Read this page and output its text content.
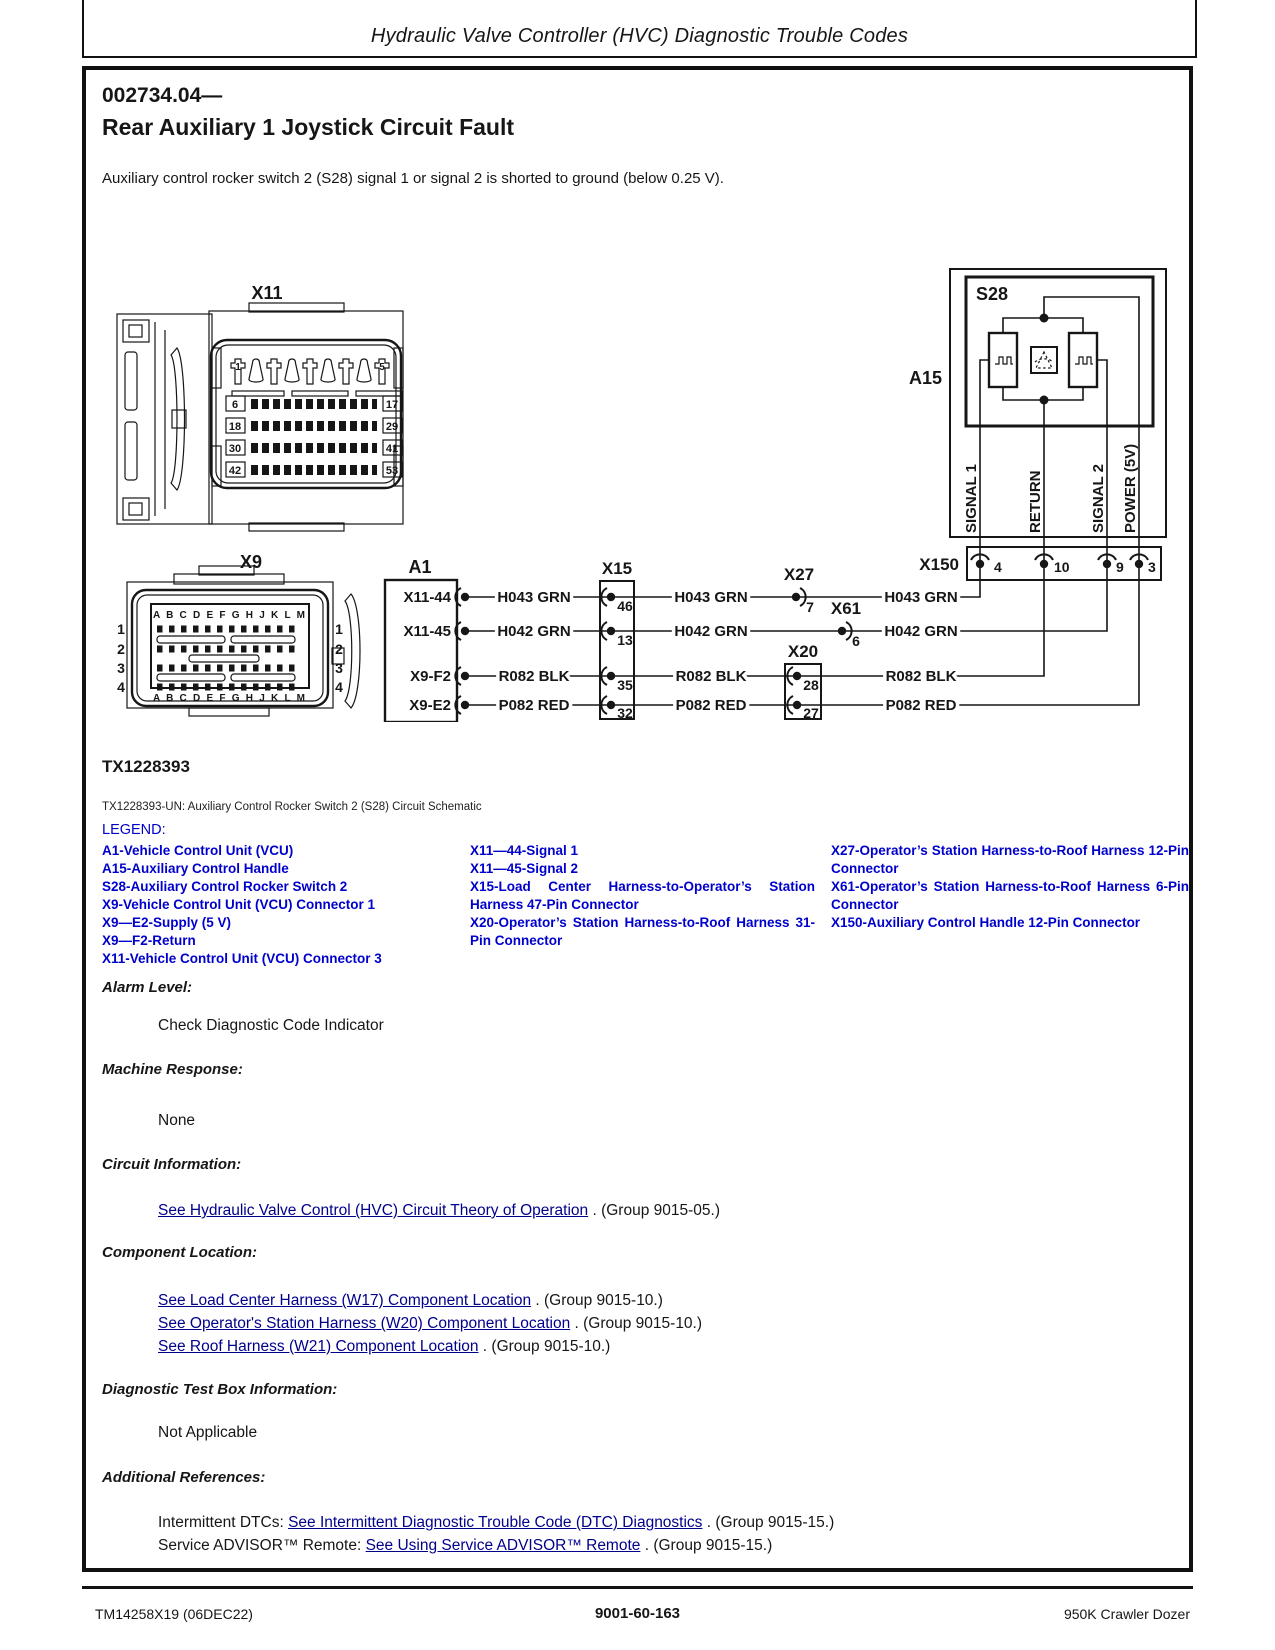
Hydraulic Valve Controller (HVC) Diagnostic Trouble Codes
002734.04—
Rear Auxiliary 1 Joystick Circuit Fault
Auxiliary control rocker switch 2 (S28) signal 1 or signal 2 is shorted to ground (below 0.25 V).
X11
1	5
6
18
30
42
17
29
41
53
X9
A B C D E F G H J K L M
A B C D E F G H J K L M
1
2
3
4
1
2
3
4
A1
X11-44
X11-45
X9-F2
X9-E2
H043 GRN
H042 GRN
R082 BLK
P082 RED
X15
46
13
35
32
H043 GRN
H042 GRN
R082 BLK
P082 RED
X27
7 X61
6
X20
28
27
H043 GRN
H042 GRN
R082 BLK
P082 RED
A15
S28
SIGNAL 1	RETURN	SIGNAL 2 POWER (5V)
X150	4	10	9 3
TX1228393
TX1228393-UN: Auxiliary Control Rocker Switch 2 (S28) Circuit Schematic
LEGEND:
A1-Vehicle Control Unit (VCU)
A15-Auxiliary Control Handle
S28-Auxiliary Control Rocker Switch 2
X9-Vehicle Control Unit (VCU) Connector 1
X9—E2-Supply (5 V)
X9—F2-Return
X11-Vehicle Control Unit (VCU) Connector 3
X11—44-Signal 1
X11—45-Signal 2
X15-Load Center Harness-to-Operator’s Station Harness 47-Pin Connector
X20-Operator’s Station Harness-to-Roof Harness 31-Pin Connector
X27-Operator’s Station Harness-to-Roof Harness 12-Pin Connector
X61-Operator’s Station Harness-to-Roof Harness 6-Pin Connector
X150-Auxiliary Control Handle 12-Pin Connector
Alarm Level:
Check Diagnostic Code Indicator
Machine Response:
None
Circuit Information:
See Hydraulic Valve Control (HVC) Circuit Theory of Operation . (Group 9015-05.)
Component Location:
See Load Center Harness (W17) Component Location . (Group 9015-10.)
See Operator's Station Harness (W20) Component Location . (Group 9015-10.)
See Roof Harness (W21) Component Location . (Group 9015-10.)
Diagnostic Test Box Information:
Not Applicable
Additional References:
Intermittent DTCs: See Intermittent Diagnostic Trouble Code (DTC) Diagnostics . (Group 9015-15.)
Service ADVISOR™ Remote: See Using Service ADVISOR™ Remote . (Group 9015-15.)
TM14258X19 (06DEC22)	9001-60-163	950K Crawler Dozer
